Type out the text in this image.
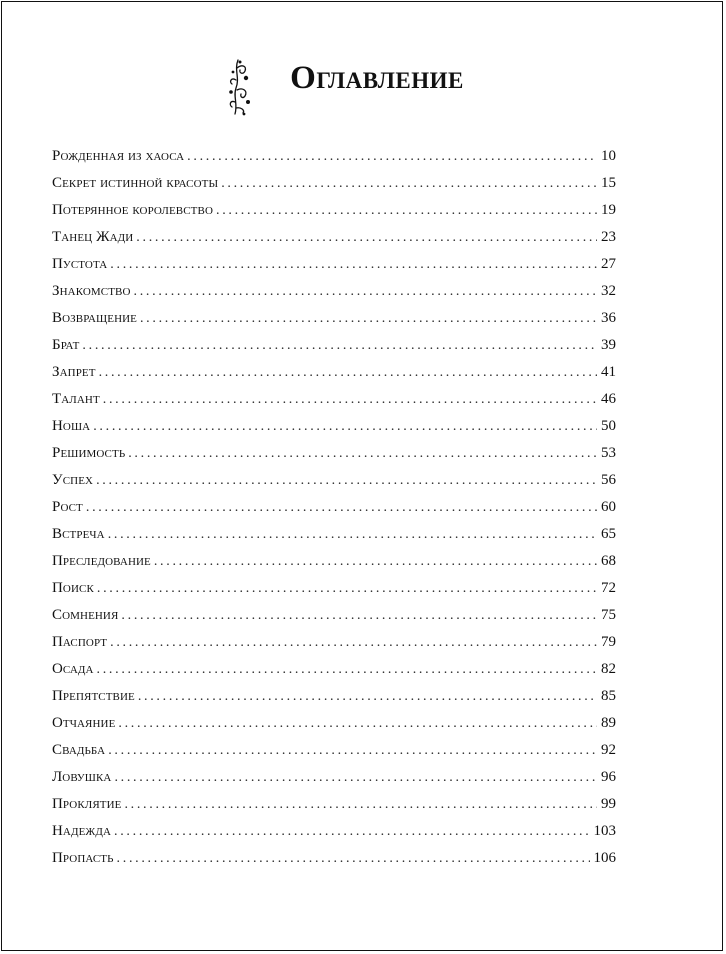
Оглавление
Рожденная из хаоса . . .	10
Секрет истинной красоты . . .	15
Потерянное королевство . . .	19
Танец Жади . . .	23
Пустота . . .	27
Знакомство . . .	32
Возвращение . . .	36
Брат . . .	39
Запрет . . .	41
Талант . . .	46
Ноша . . .	50
Решимость . . .	53
Успех . . .	56
Рост . . .	60
Встреча . . .	65
Преследование . . .	68
Поиск . . .	72
Сомнения . . .	75
Паспорт . . .	79
Осада . . .	82
Препятствие . . .	85
Отчаяние . . .	89
Свадьба . . .	92
Ловушка . . .	96
Проклятие . . .	99
Надежда . . .	103
Пропасть . . .	106
